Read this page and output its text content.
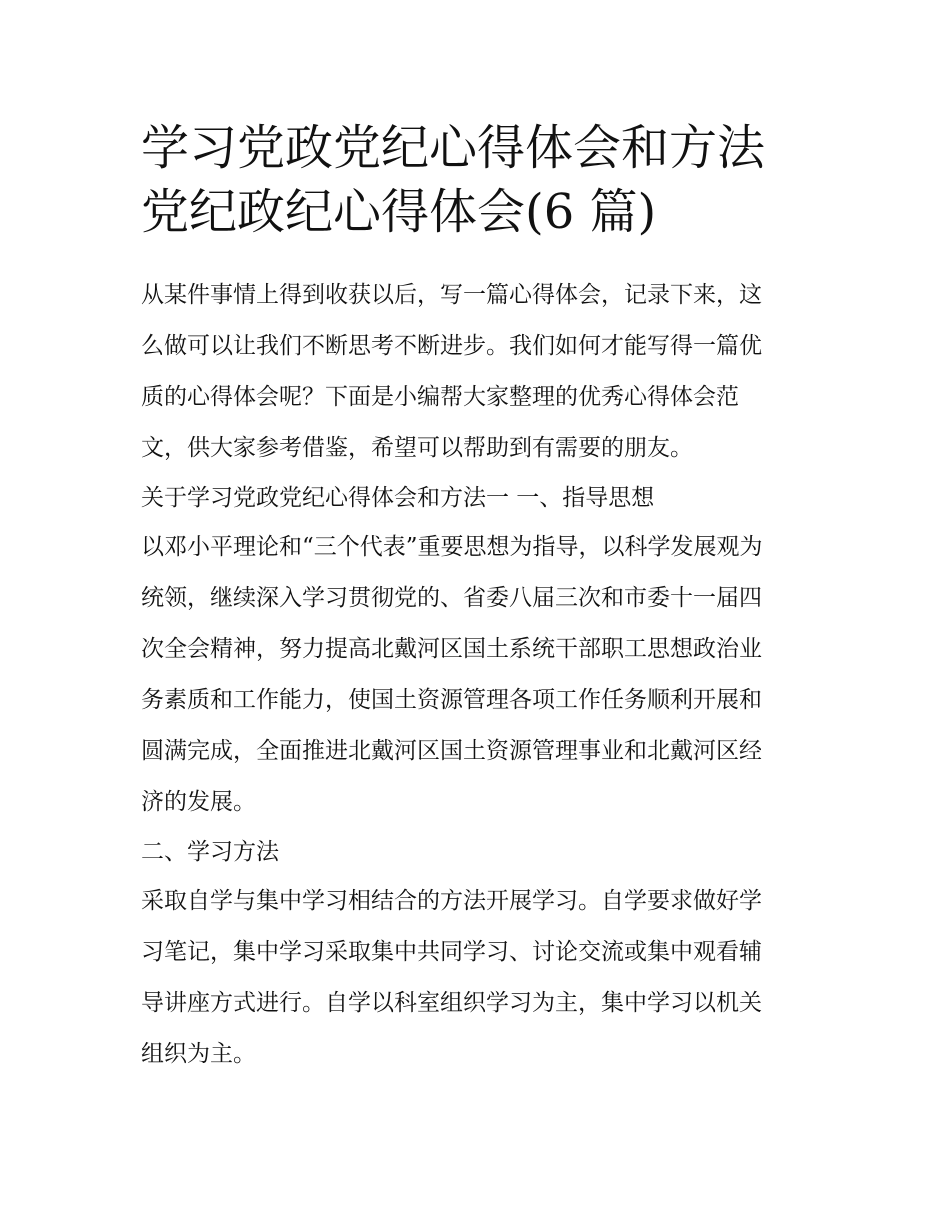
学习党政党纪心得体会和方法
党纪政纪心得体会(6 篇)

从某件事情上得到收获以后，写一篇心得体会，记录下来，这
么做可以让我们不断思考不断进步。我们如何才能写得一篇优
质的心得体会呢？下面是小编帮大家整理的优秀心得体会范
文，供大家参考借鉴，希望可以帮助到有需要的朋友。

关于学习党政党纪心得体会和方法一 一、指导思想

以邓小平理论和“三个代表”重要思想为指导，以科学发展观为
统领，继续深入学习贯彻党的、省委八届三次和市委十一届四
次全会精神，努力提高北戴河区国土系统干部职工思想政治业
务素质和工作能力，使国土资源管理各项工作任务顺利开展和
圆满完成，全面推进北戴河区国土资源管理事业和北戴河区经
济的发展。

二、学习方法

采取自学与集中学习相结合的方法开展学习。自学要求做好学
习笔记，集中学习采取集中共同学习、讨论交流或集中观看辅
导讲座方式进行。自学以科室组织学习为主，集中学习以机关
组织为主。
